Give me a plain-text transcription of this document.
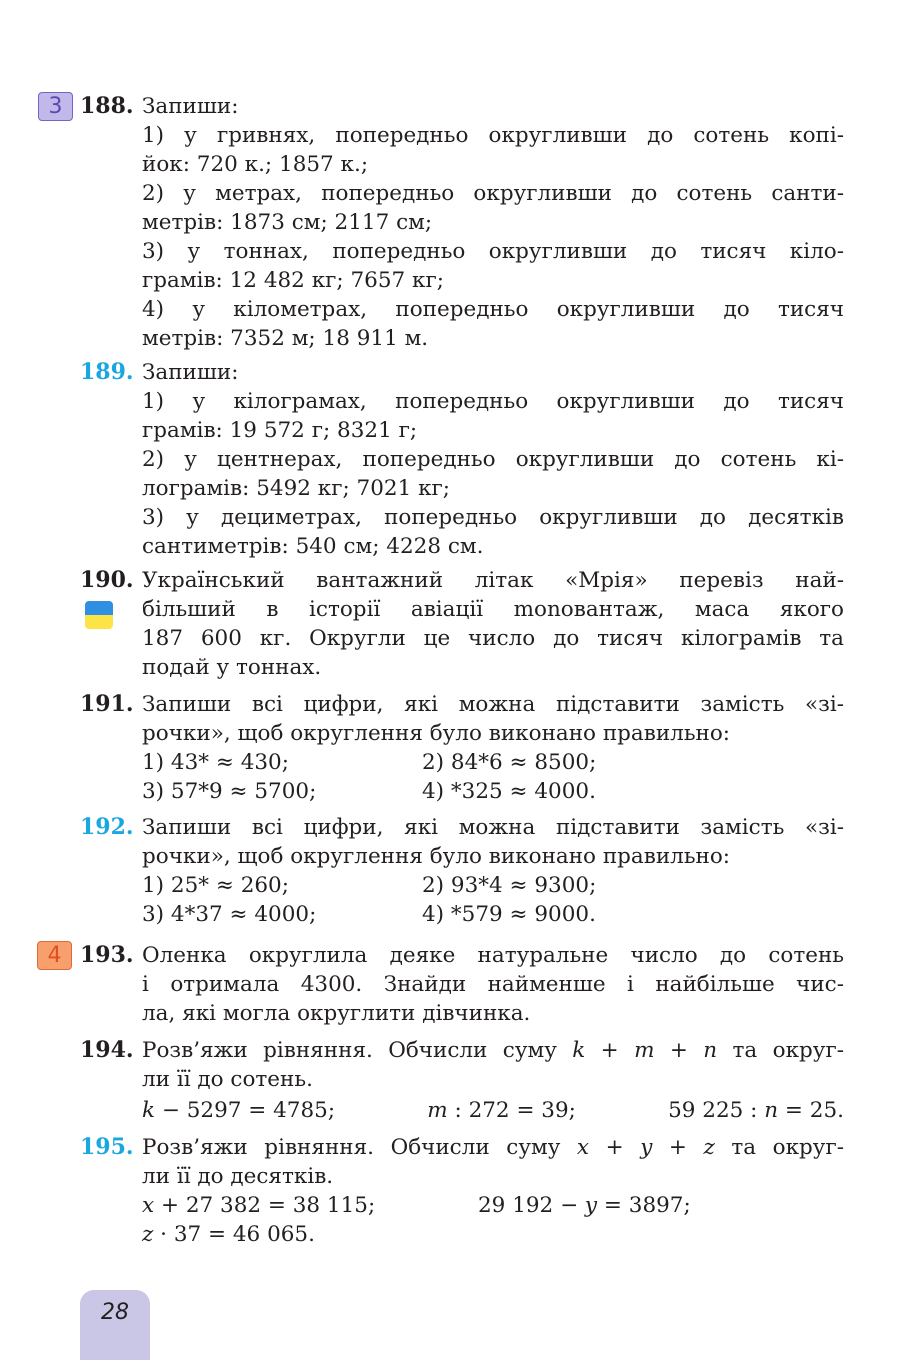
3
4
188. Запиши:
1) у гривнях, попередньо округливши до сотень копі-
йок: 720 к.; 1857 к.;
2) у метрах, попередньо округливши до сотень санти-
метрів: 1873 см; 2117 см;
3) у тоннах, попередньо округливши до тисяч кіло-
грамів: 12 482 кг; 7657 кг;
4) у кілометрах, попередньо округливши до тисяч
метрів: 7352 м; 18 911 м.
189. Запиши:
1) у кілограмах, попередньо округливши до тисяч
грамів: 19 572 г; 8321 г;
2) у центнерах, попередньо округливши до сотень кі-
лограмів: 5492 кг; 7021 кг;
3) у дециметрах, попередньо округливши до десятків
сантиметрів: 540 см; 4228 см.
190. Український вантажний літак «Мрія» перевіз най-
більший в історії авіації monoвантаж, маса якого
187 600 кг. Округли це число до тисяч кілограмів та
подай у тоннах.
191. Запиши всі цифри, які можна підставити замість «зі-
рочки», щоб округлення було виконано правильно:
1) 43* ≈ 430;	2) 84*6 ≈ 8500;
3) 57*9 ≈ 5700;	4) *325 ≈ 4000.
192. Запиши всі цифри, які можна підставити замість «зі-
рочки», щоб округлення було виконано правильно:
1) 25* ≈ 260;	2) 93*4 ≈ 9300;
3) 4*37 ≈ 4000;	4) *579 ≈ 9000.
193. Оленка округлила деяке натуральне число до сотень
і отримала 4300. Знайди найменше і найбільше чис-
ла, які могла округлити дівчинка.
194. Розв’яжи рівняння. Обчисли суму k + m + n та округ-
ли її до сотень.
k − 5297 = 4785;	m : 272 = 39;	59 225 : n = 25.
195. Розв’яжи рівняння. Обчисли суму x + y + z та округ-
ли її до десятків.
x + 27 382 = 38 115;	29 192 − y = 3897;
z · 37 = 46 065.
28
